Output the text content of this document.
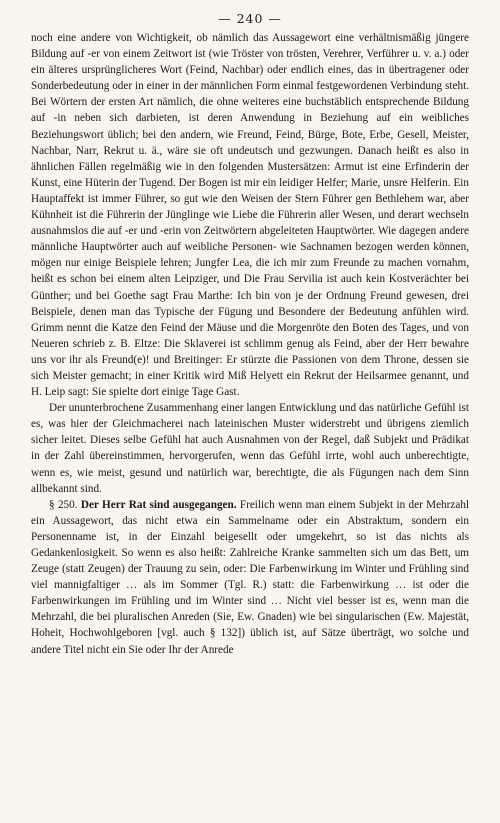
— 240 —

noch eine andere von Wichtigkeit, ob nämlich das Aussagewort eine verhältnismäßig jüngere Bildung auf -er von einem Zeitwort ist (wie Tröster von trösten, Verehrer, Verführer u. v. a.) oder ein älteres ursprünglicheres Wort (Feind, Nachbar) oder endlich eines, das in übertragener oder Sonderbedeutung oder in einer in der männlichen Form einmal festgewordenen Verbindung steht. Bei Wörtern der ersten Art nämlich, die ohne weiteres eine buchstäblich entsprechende Bildung auf -in neben sich darbieten, ist deren Anwendung in Beziehung auf ein weibliches Beziehungswort üblich; bei den andern, wie Freund, Feind, Bürge, Bote, Erbe, Gesell, Meister, Nachbar, Narr, Rekrut u. ä., wäre sie oft undeutsch und gezwungen. Danach heißt es also in ähnlichen Fällen regelmäßig wie in den folgenden Mustersätzen: Armut ist eine Erfinderin der Kunst, eine Hüterin der Tugend. Der Bogen ist mir ein leidiger Helfer; Marie, unsre Helferin. Ein Hauptaffekt ist immer Führer, so gut wie den Weisen der Stern Führer gen Bethlehem war, aber Kühnheit ist die Führerin der Jünglinge wie Liebe die Führerin aller Wesen, und derart wechseln ausnahmslos die auf -er und -erin von Zeitwörtern abgeleiteten Hauptwörter. Wie dagegen andere männliche Hauptwörter auch auf weibliche Personen- wie Sachnamen bezogen werden können, mögen nur einige Beispiele lehren; Jungfer Lea, die ich mir zum Freunde zu machen vornahm, heißt es schon bei einem alten Leipziger, und Die Frau Servilia ist auch kein Kostverächter bei Günther; und bei Goethe sagt Frau Marthe: Ich bin von je der Ordnung Freund gewesen, drei Beispiele, denen man das Typische der Fügung und Besondere der Bedeutung anfühlen wird. Grimm nennt die Katze den Feind der Mäuse und die Morgenröte den Boten des Tages, und von Neueren schrieb z. B. Eltze: Die Sklaverei ist schlimm genug als Feind, aber der Herr bewahre uns vor ihr als Freund(e)! und Breitinger: Er stürzte die Passionen von dem Throne, dessen sie sich Meister gemacht; in einer Kritik wird Miß Helyett ein Rekrut der Heilsarmee genannt, und H. Leip sagt: Sie spielte dort einige Tage Gast.

Der ununterbrochene Zusammenhang einer langen Entwicklung und das natürliche Gefühl ist es, was hier der Gleichmacherei nach lateinischen Muster widerstrebt und übrigens ziemlich sicher leitet. Dieses selbe Gefühl hat auch Ausnahmen von der Regel, daß Subjekt und Prädikat in der Zahl übereinstimmen, hervorgerufen, wenn das Gefühl irrte, wohl auch unberechtigte, wenn es, wie meist, gesund und natürlich war, berechtigte, die als Fügungen nach dem Sinn allbekannt sind.

§ 250. Der Herr Rat sind ausgegangen. Freilich wenn man einem Subjekt in der Mehrzahl ein Aussagewort, das nicht etwa ein Sammelname oder ein Abstraktum, sondern ein Personenname ist, in der Einzahl beigesellt oder umgekehrt, so ist das nichts als Gedankenlosigkeit. So wenn es also heißt: Zahlreiche Kranke sammelten sich um das Bett, um Zeuge (statt Zeugen) der Trauung zu sein, oder: Die Farbenwirkung im Winter und Frühling sind viel mannigfaltiger … als im Sommer (Tgl. R.) statt: die Farbenwirkung … ist oder die Farbenwirkungen im Frühling und im Winter sind … Nicht viel besser ist es, wenn man die Mehrzahl, die bei pluralischen Anreden (Sie, Ew. Gnaden) wie bei singularischen (Ew. Majestät, Hoheit, Hochwohlgeboren [vgl. auch § 132]) üblich ist, auf Sätze überträgt, wo solche und andere Titel nicht ein Sie oder Ihr der Anrede
